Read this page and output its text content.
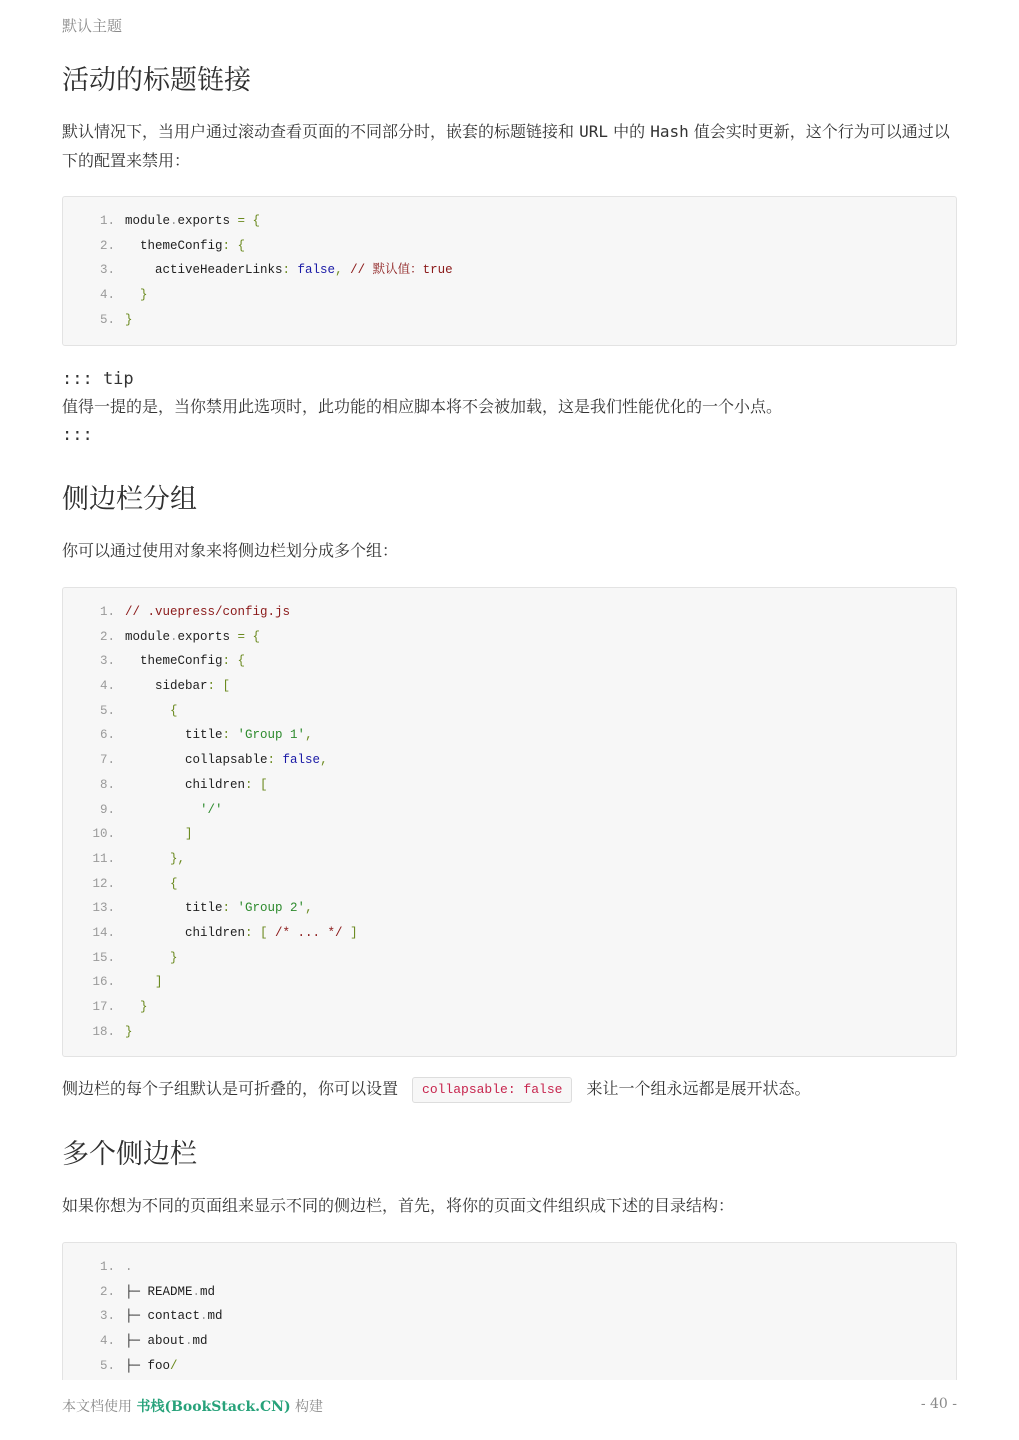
默认主题
活动的标题链接

默认情况下，当用户通过滚动查看页面的不同部分时，嵌套的标题链接和 URL 中的 Hash 值会实时更新，这个行为可以通过以下的配置来禁用：

1. module.exports = {
2. themeConfig: {
3. activeHeaderLinks: false, // 默认值：true
4. }
5. }
::: tip
值得一提的是，当你禁用此选项时，此功能的相应脚本将不会被加载，这是我们性能优化的一个小点。
:::
侧边栏分组

你可以通过使用对象来将侧边栏划分成多个组：

1. // .vuepress/config.js
2. module.exports = {
3. themeConfig: {
4. sidebar: [
5. {
6. title: 'Group 1',
7. collapsable: false,
8. children: [
9. '/'
10. ]
11. },
12. {
13. title: 'Group 2',
14. children: [ /* ... */ ]
15. }
16. ]
17. }
18. }

侧边栏的每个子组默认是可折叠的，你可以设置 collapsable: false 来让一个组永远都是展开状态。

多个侧边栏

如果你想为不同的页面组来显示不同的侧边栏，首先，将你的页面文件组织成下述的目录结构：

1. .
2. ├─ README.md
3. ├─ contact.md
4. ├─ about.md
5. ├─ foo/
本文档使用 书栈(BookStack.CN) 构建	- 40 -
